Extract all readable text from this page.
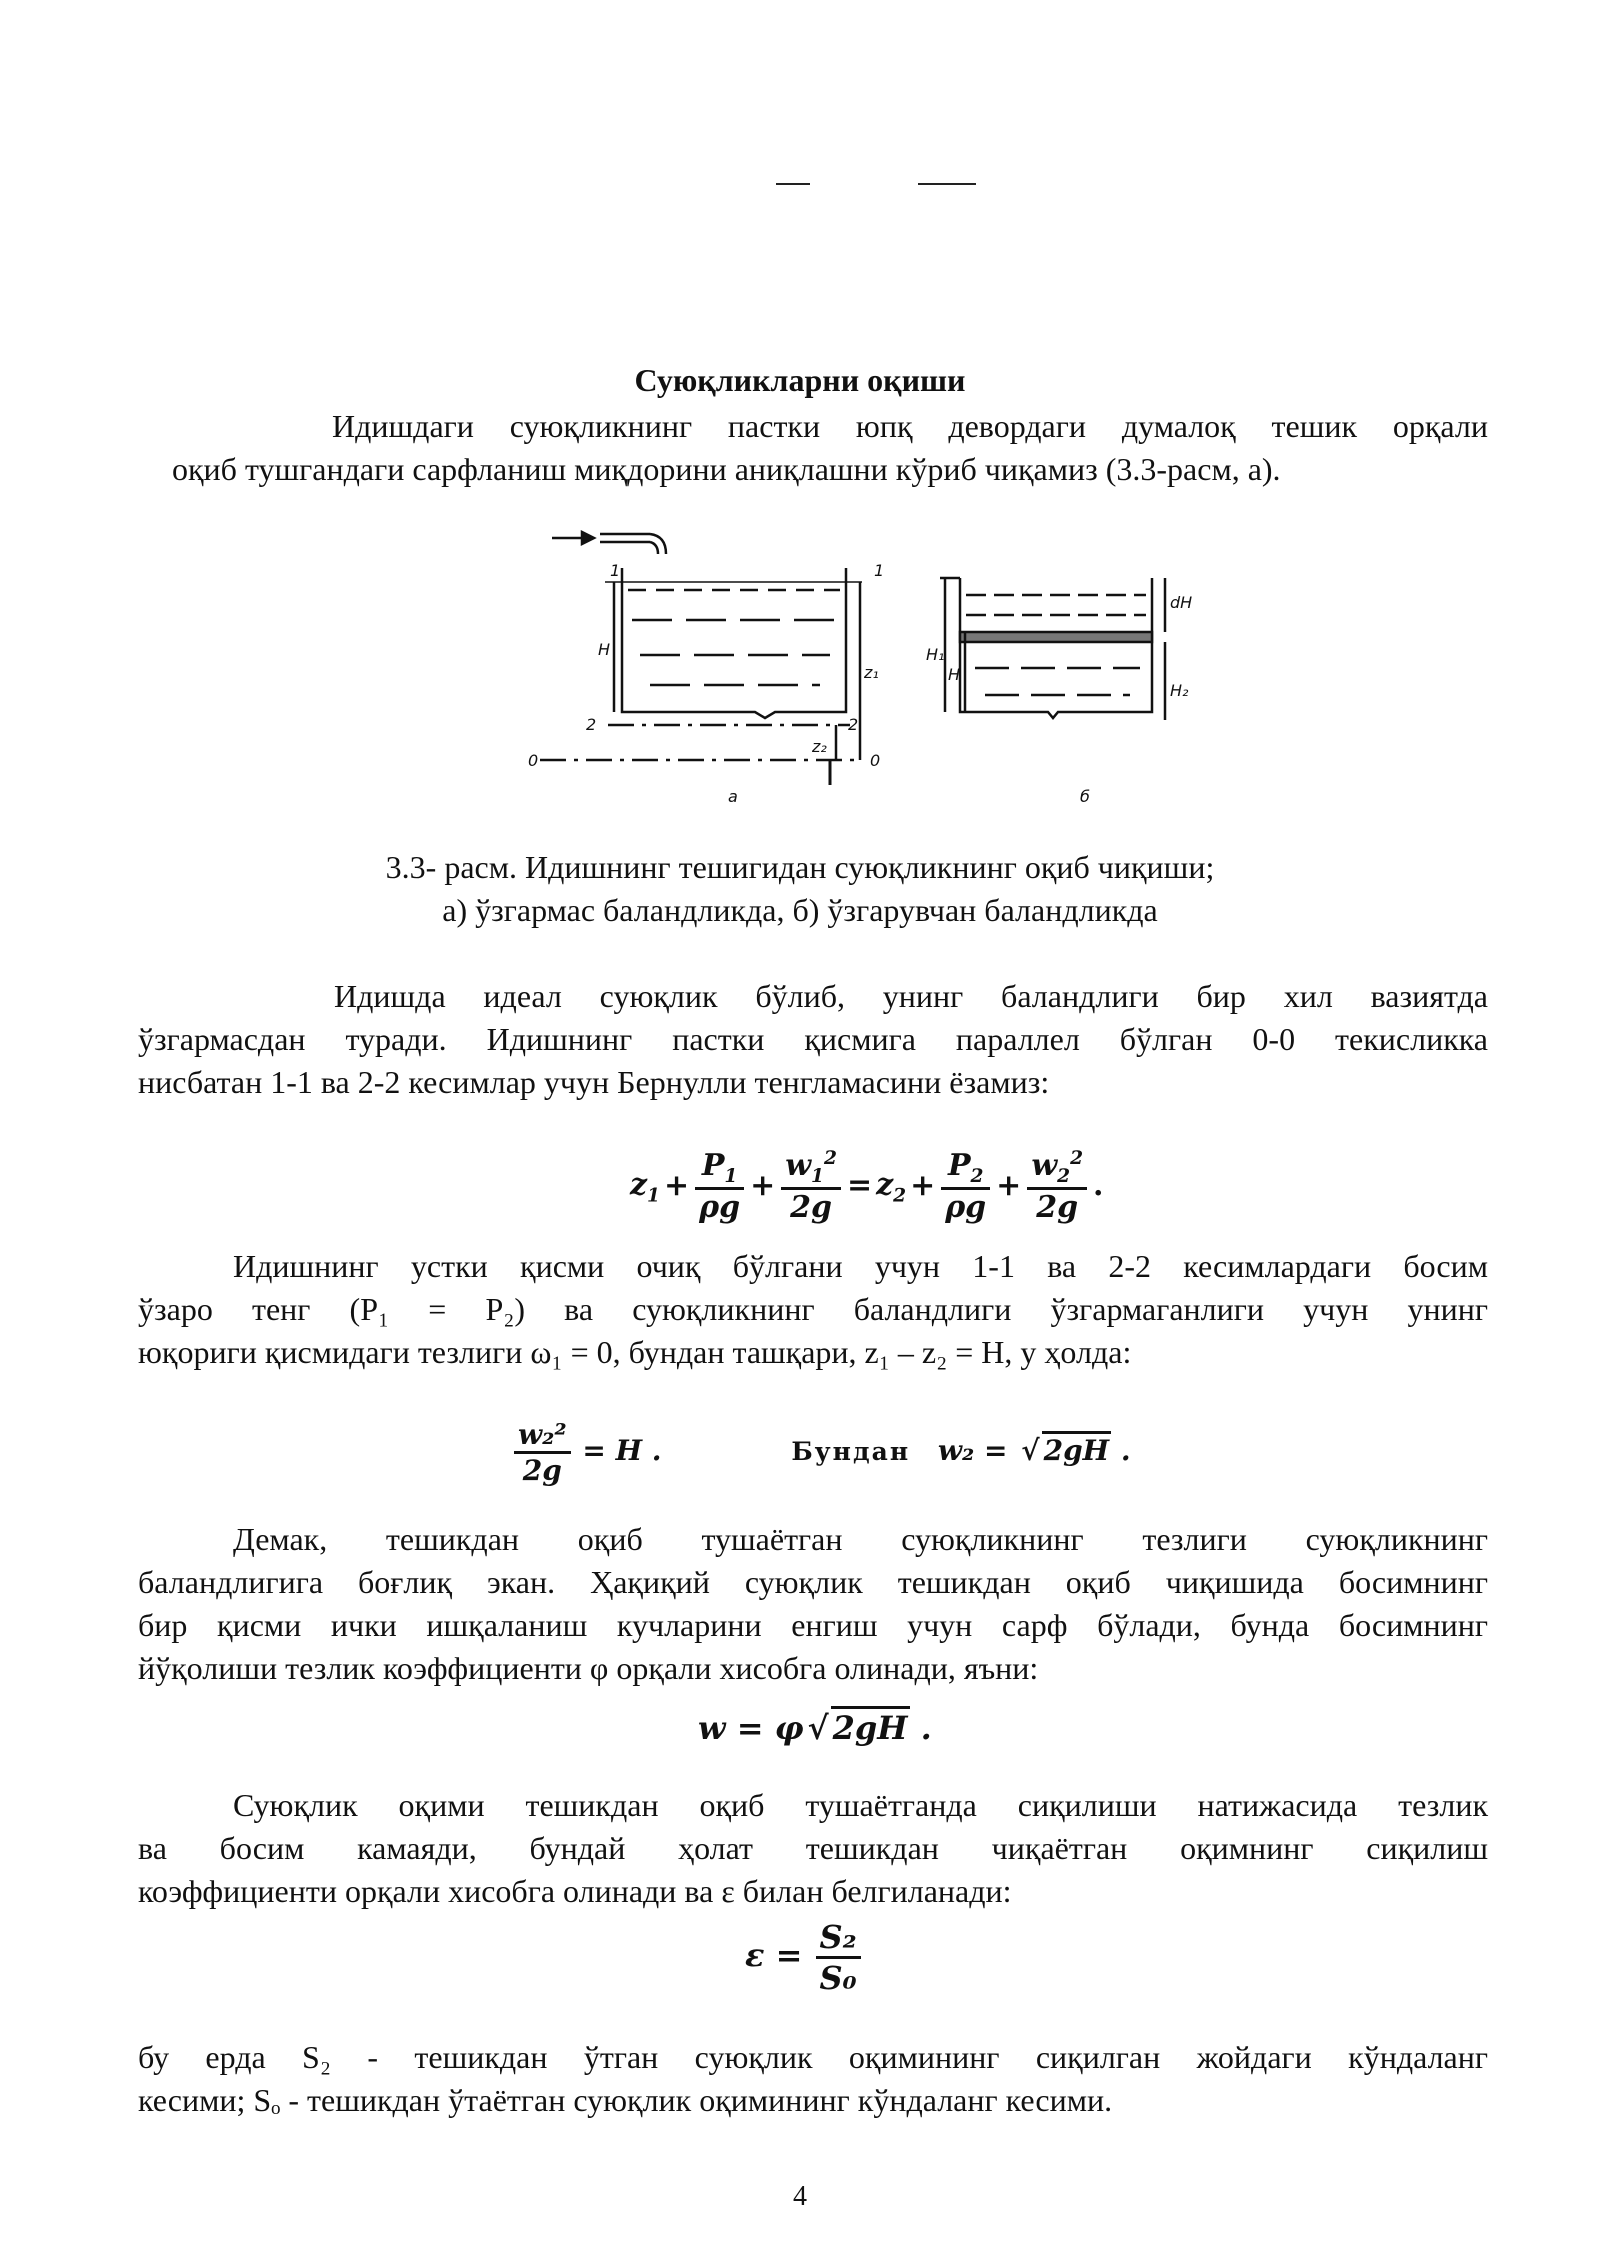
Суюқликларни оқиши
Идишдаги суюқликнинг пастки юпқ девордаги думалоқ тешик орқали
оқиб тушгандаги сарфланиш миқдорини аниқлашни кўриб чиқамиз (3.3-расм, а).
1	1
2	2
0	0
H
z₁
z₂
а
H₁
H
dH
H₂
б
3.3- расм. Идишнинг тешигидан суюқликнинг оқиб чиқиши;
а) ўзгармас баландликда, б) ўзгарувчан баландликда
Идишда идеал суюқлик бўлиб, унинг баландлиги бир хил вазиятда
ўзгармасдан туради. Идишнинг пастки қисмига параллел бўлган 0-0 текисликка
нисбатан 1-1 ва 2-2 кесимлар учун Бернулли тенгламасини ёзамиз:
$z_1 + \frac{P_1}{\rho g} + \frac{w_1^2}{2g} = z_2 + \frac{P_2}{\rho g} + \frac{w_2^2}{2g}$ .
Идишнинг устки қисми очиқ бўлгани учун 1-1 ва 2-2 кесимлардаги босим
ўзаро тенг (P₁ = P₂) ва суюқликнинг баландлиги ўзгармаганлиги учун унинг
юқориги қисмидаги тезлиги ω₁ = 0, бундан ташқари, z₁ – z₂ = H, у ҳолда:
$\frac{\text{w₂²}}{2g} = H$ .	Бундан w₂ = √ 2gH .
Демак, тешикдан оқиб тушаётган суюқликнинг тезлиги суюқликнинг
баландлигига боғлиқ экан. Ҳақиқий суюқлик тешикдан оқиб чиқишида босимнинг
бир қисми ички ишқаланиш кучларини енгиш учун сарф бўлади, бунда босимнинг
йўқолиши тезлик коэффициенти φ орқали хисобга олинади, яъни:
w = φ √ 2gH .
Суюқлик оқими тешикдан оқиб тушаётганда сиқилиши натижасида тезлик
ва босим камаяди, бундай ҳолат тешикдан чиқаётган оқимнинг сиқилиш
коэффициенти орқали хисобга олинади ва ε билан белгиланади:
$\varepsilon = \frac{\text{S₂}}{\text{S₀}}$
бу ерда S₂ - тешикдан ўтган суюқлик оқимининг сиқилган жойдаги кўндаланг
кесими; Sₒ - тешикдан ўтаётган суюқлик оқимининг кўндаланг кесими.
4
